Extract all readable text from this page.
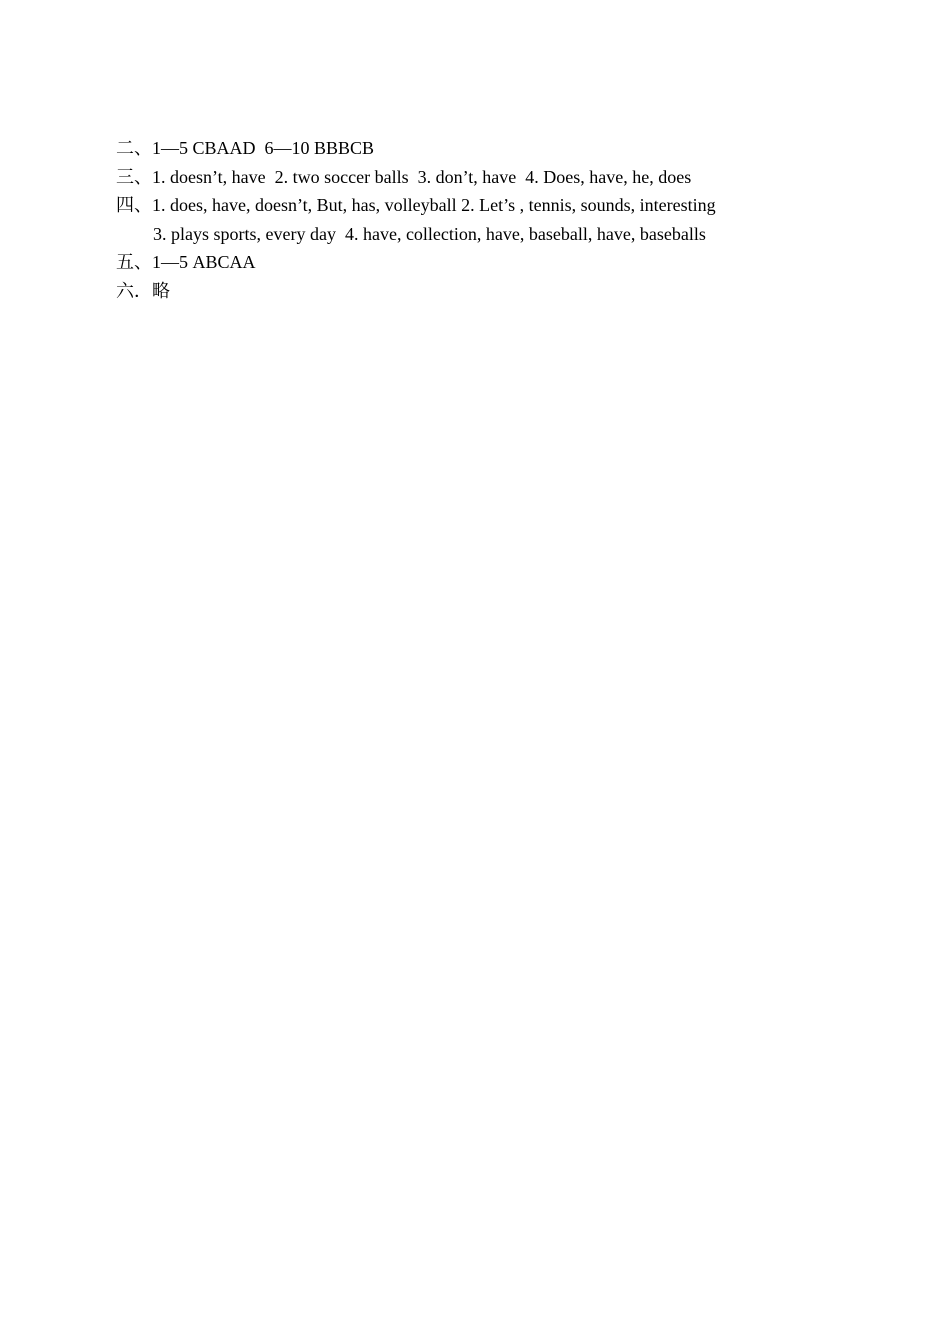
二、1—5 CBAAD  6—10 BBBCB
三、1. doesn’t, have  2. two soccer balls  3. don’t, have  4. Does, have, he, does
四、1. does, have, doesn’t, But, has, volleyball 2. Let’s , tennis, sounds, interesting
3. plays sports, every day  4. have, collection, have, baseball, have, baseballs
五、1—5 ABCAA
六．略
